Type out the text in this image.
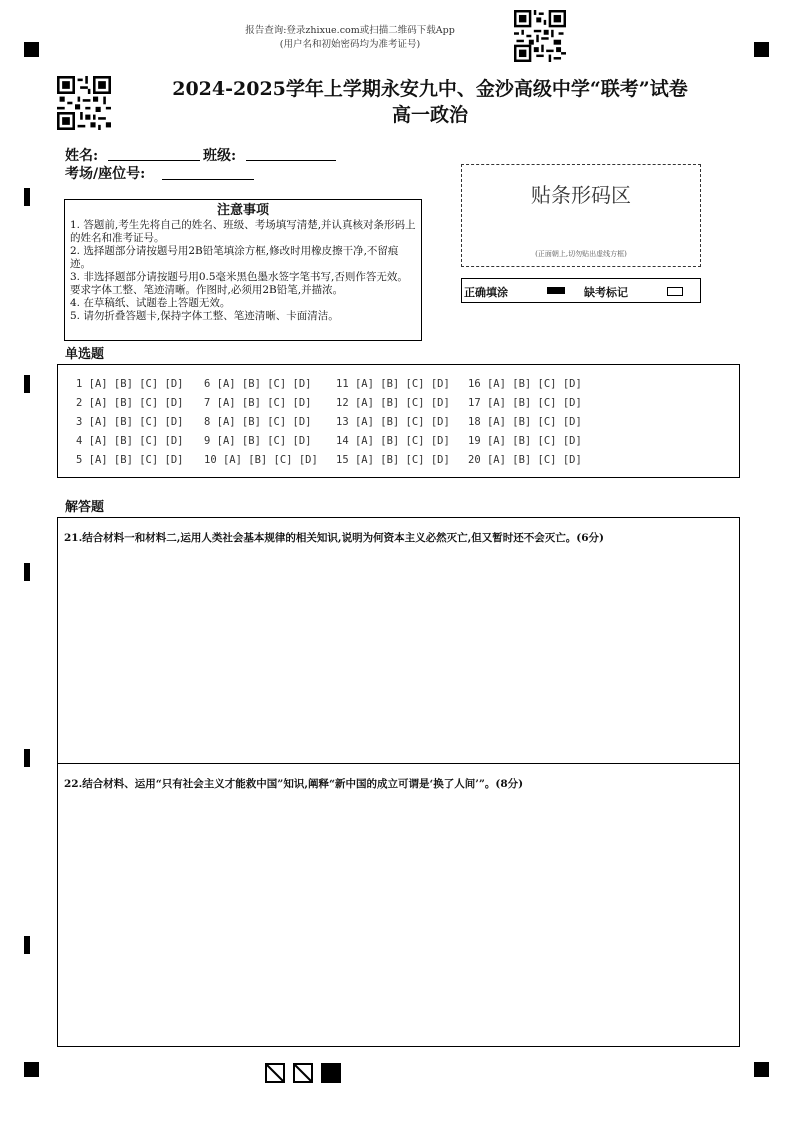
报告查询:登录zhixue.com或扫描二维码下载App
(用户名和初始密码均为准考证号)
2024-2025学年上学期永安九中、金沙高级中学“联考”试卷
高一政治
姓名:	班级:
考场/座位号:
贴条形码区
(正面朝上,切勿贴出虚线方框)
正确填涂	缺考标记
注意事项
1. 答题前,考生先将自己的姓名、班级、考场填写清楚,并认真核对条形码上的姓名和准考证号。
2. 选择题部分请按题号用2B铅笔填涂方框,修改时用橡皮擦干净,不留痕迹。
3. 非选择题部分请按题号用0.5毫米黑色墨水签字笔书写,否则作答无效。要求字体工整、笔迹清晰。作图时,必须用2B铅笔,并描浓。
4. 在草稿纸、试题卷上答题无效。
5. 请勿折叠答题卡,保持字体工整、笔迹清晰、卡面清洁。
单选题
1 [A] [B] [C] [D]
2 [A] [B] [C] [D]
3 [A] [B] [C] [D]
4 [A] [B] [C] [D]
5 [A] [B] [C] [D]
6 [A] [B] [C] [D]
7 [A] [B] [C] [D]
8 [A] [B] [C] [D]
9 [A] [B] [C] [D]
10 [A] [B] [C] [D]
11 [A] [B] [C] [D]
12 [A] [B] [C] [D]
13 [A] [B] [C] [D]
14 [A] [B] [C] [D]
15 [A] [B] [C] [D]
16 [A] [B] [C] [D]
17 [A] [B] [C] [D]
18 [A] [B] [C] [D]
19 [A] [B] [C] [D]
20 [A] [B] [C] [D]
解答题
21.结合材料一和材料二,运用人类社会基本规律的相关知识,说明为何资本主义必然灭亡,但又暂时还不会灭亡。(6分)
22.结合材料、运用“只有社会主义才能救中国”知识,阐释“新中国的成立可谓是‘换了人间’”。(8分)
